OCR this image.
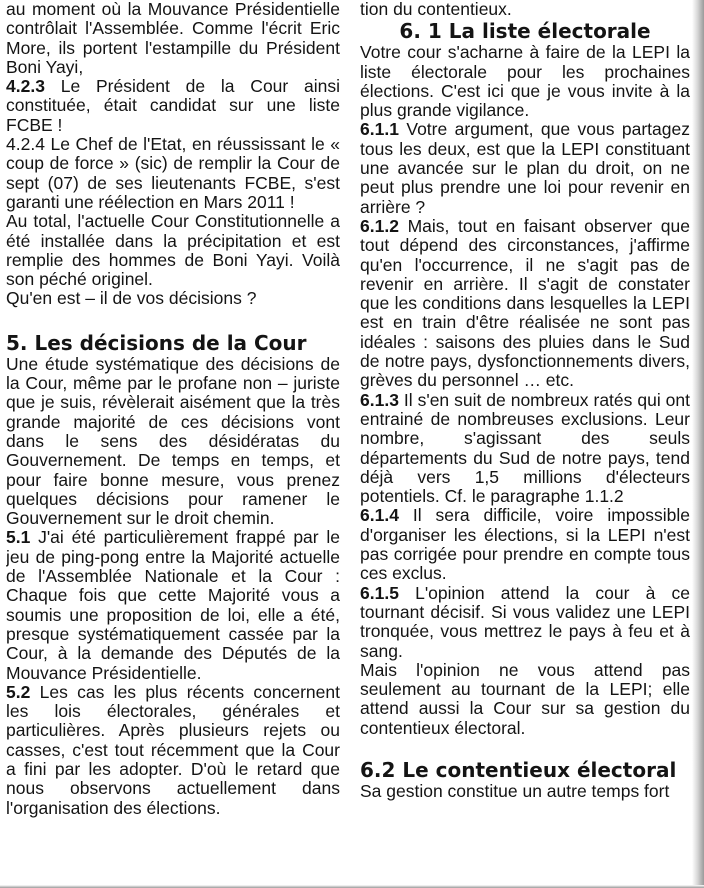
au moment où la Mouvance Présidentielle contrôlait l'Assemblée. Comme l'écrit Eric More, ils portent l'estampille du Président Boni Yayi,

4.2.3 Le Président de la Cour ainsi constituée, était candidat sur une liste FCBE !

4.2.4 Le Chef de l'Etat, en réussissant le « coup de force » (sic) de remplir la Cour de sept (07) de ses lieutenants FCBE, s'est garanti une réélection en Mars 2011 !

Au total, l'actuelle Cour Constitutionnelle a été installée dans la précipitation et est remplie des hommes de Boni Yayi. Voilà son péché originel.

Qu'en est – il de vos décisions ?

5. Les décisions de la Cour

Une étude systématique des décisions de la Cour, même par le profane non – juriste que je suis, révèlerait aisément que la très grande majorité de ces décisions vont dans le sens des désidératas du Gouvernement. De temps en temps, et pour faire bonne mesure, vous prenez quelques décisions pour ramener le Gouvernement sur le droit chemin.

5.1 J'ai été particulièrement frappé par le jeu de ping-pong entre la Majorité actuelle de l'Assemblée Nationale et la Cour : Chaque fois que cette Majorité vous a soumis une proposition de loi, elle a été, presque systématiquement cassée par la Cour, à la demande des Députés de la Mouvance Présidentielle.

5.2 Les cas les plus récents concernent les lois électorales, générales et particulières. Après plusieurs rejets ou casses, c'est tout récemment que la Cour a fini par les adopter. D'où le retard que nous observons actuellement dans l'organisation des élections.

tion du contentieux.

6. 1 La liste électorale

Votre cour s'acharne à faire de la LEPI la liste électorale pour les prochaines élections. C'est ici que je vous invite à la plus grande vigilance.

6.1.1 Votre argument, que vous partagez tous les deux, est que la LEPI constituant une avancée sur le plan du droit, on ne peut plus prendre une loi pour revenir en arrière ?

6.1.2 Mais, tout en faisant observer que tout dépend des circonstances, j'affirme qu'en l'occurrence, il ne s'agit pas de revenir en arrière. Il s'agit de constater que les conditions dans lesquelles la LEPI est en train d'être réalisée ne sont pas idéales : saisons des pluies dans le Sud de notre pays, dysfonctionnements divers, grèves du personnel … etc.

6.1.3 Il s'en suit de nombreux ratés qui ont entrainé de nombreuses exclusions. Leur nombre, s'agissant des seuls départements du Sud de notre pays, tend déjà vers 1,5 millions d'électeurs potentiels. Cf. le paragraphe 1.1.2

6.1.4 Il sera difficile, voire impossible d'organiser les élections, si la LEPI n'est pas corrigée pour prendre en compte tous ces exclus.

6.1.5 L'opinion attend la cour à ce tournant décisif. Si vous validez une LEPI tronquée, vous mettrez le pays à feu et à sang.

Mais l'opinion ne vous attend pas seulement au tournant de la LEPI; elle attend aussi la Cour sur sa gestion du contentieux électoral.

6.2 Le contentieux électoral

Sa gestion constitue un autre temps fort
